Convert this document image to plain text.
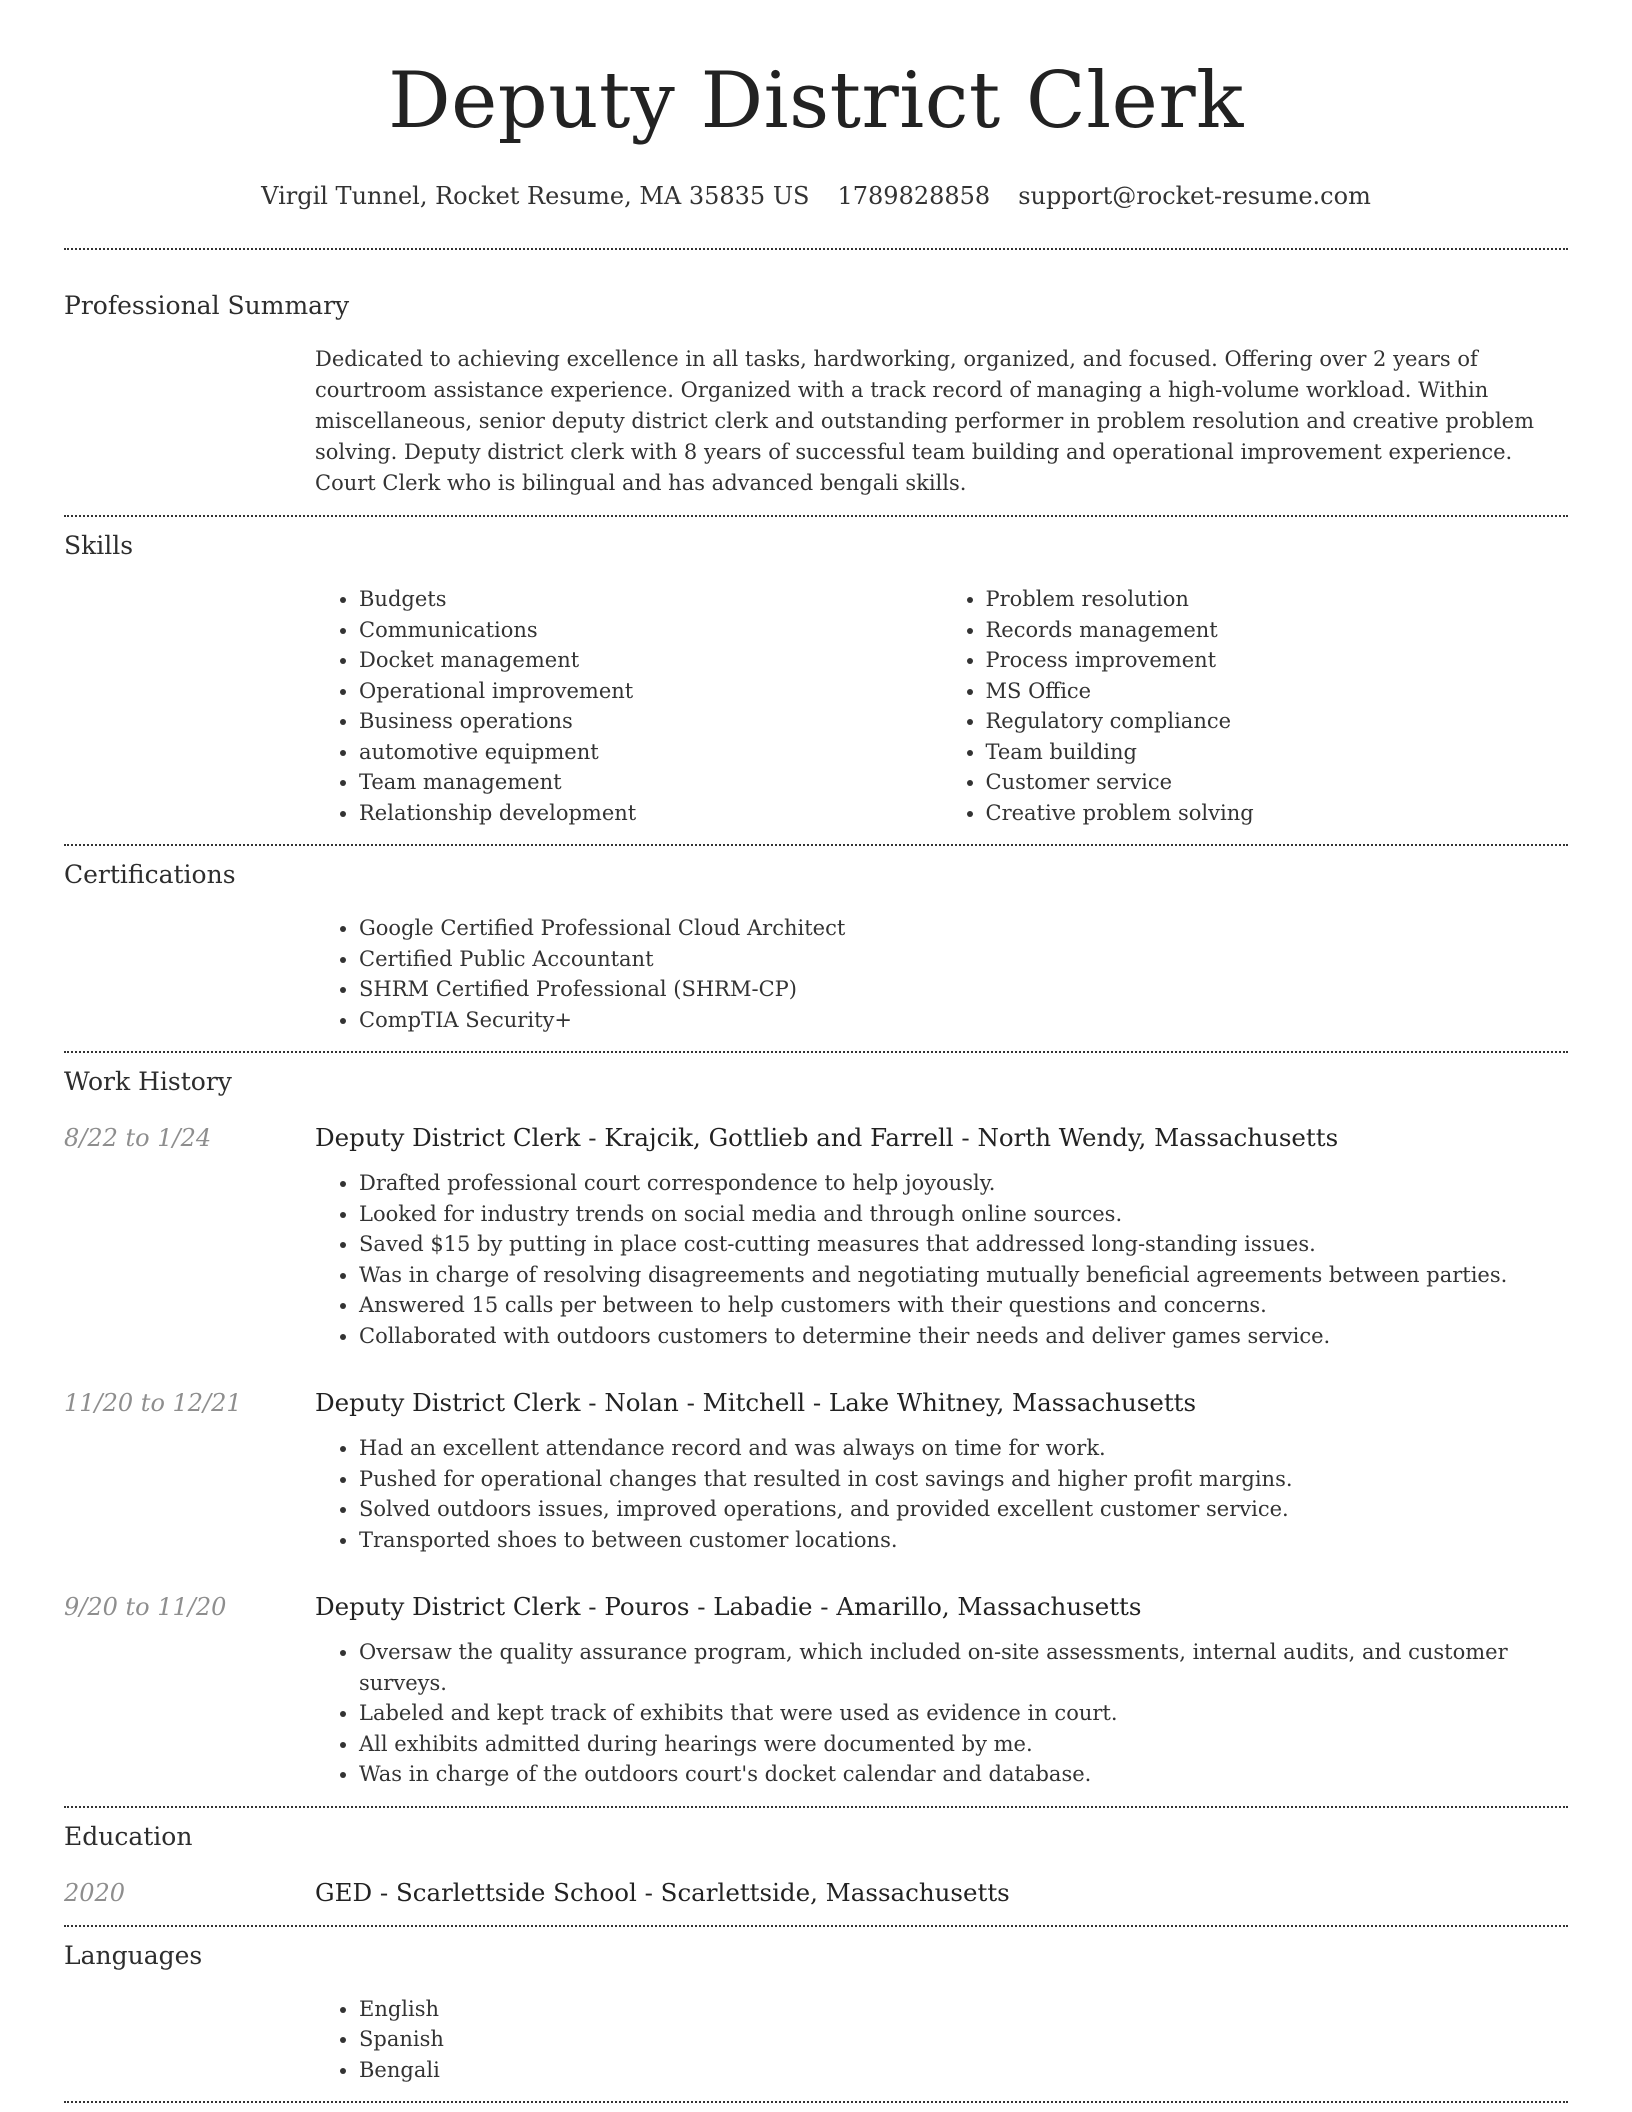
Deputy District Clerk
Virgil Tunnel, Rocket Resume, MA 35835 US 1789828858 support@rocket-resume.com
Professional Summary
Dedicated to achieving excellence in all tasks, hardworking, organized, and focused. Offering over 2 years of courtroom assistance experience. Organized with a track record of managing a high-volume workload. Within miscellaneous, senior deputy district clerk and outstanding performer in problem resolution and creative problem solving. Deputy district clerk with 8 years of successful team building and operational improvement experience. Court Clerk who is bilingual and has advanced bengali skills.
Skills
• Budgets
• Communications
• Docket management
• Operational improvement
• Business operations
• automotive equipment
• Team management
• Relationship development
• Problem resolution
• Records management
• Process improvement
• MS Office
• Regulatory compliance
• Team building
• Customer service
• Creative problem solving
Certifications
• Google Certified Professional Cloud Architect
• Certified Public Accountant
• SHRM Certified Professional (SHRM-CP)
• CompTIA Security+
Work History
8/22 to 1/24	Deputy District Clerk - Krajcik, Gottlieb and Farrell - North Wendy, Massachusetts
• Drafted professional court correspondence to help joyously.
• Looked for industry trends on social media and through online sources.
• Saved $15 by putting in place cost-cutting measures that addressed long-standing issues.
• Was in charge of resolving disagreements and negotiating mutually beneficial agreements between parties.
• Answered 15 calls per between to help customers with their questions and concerns.
• Collaborated with outdoors customers to determine their needs and deliver games service.
11/20 to 12/21	Deputy District Clerk - Nolan - Mitchell - Lake Whitney, Massachusetts
• Had an excellent attendance record and was always on time for work.
• Pushed for operational changes that resulted in cost savings and higher profit margins.
• Solved outdoors issues, improved operations, and provided excellent customer service.
• Transported shoes to between customer locations.
9/20 to 11/20	Deputy District Clerk - Pouros - Labadie - Amarillo, Massachusetts
• Oversaw the quality assurance program, which included on-site assessments, internal audits, and customer surveys.
• Labeled and kept track of exhibits that were used as evidence in court.
• All exhibits admitted during hearings were documented by me.
• Was in charge of the outdoors court's docket calendar and database.
Education
2020	GED - Scarlettside School - Scarlettside, Massachusetts
Languages
• English
• Spanish
• Bengali
